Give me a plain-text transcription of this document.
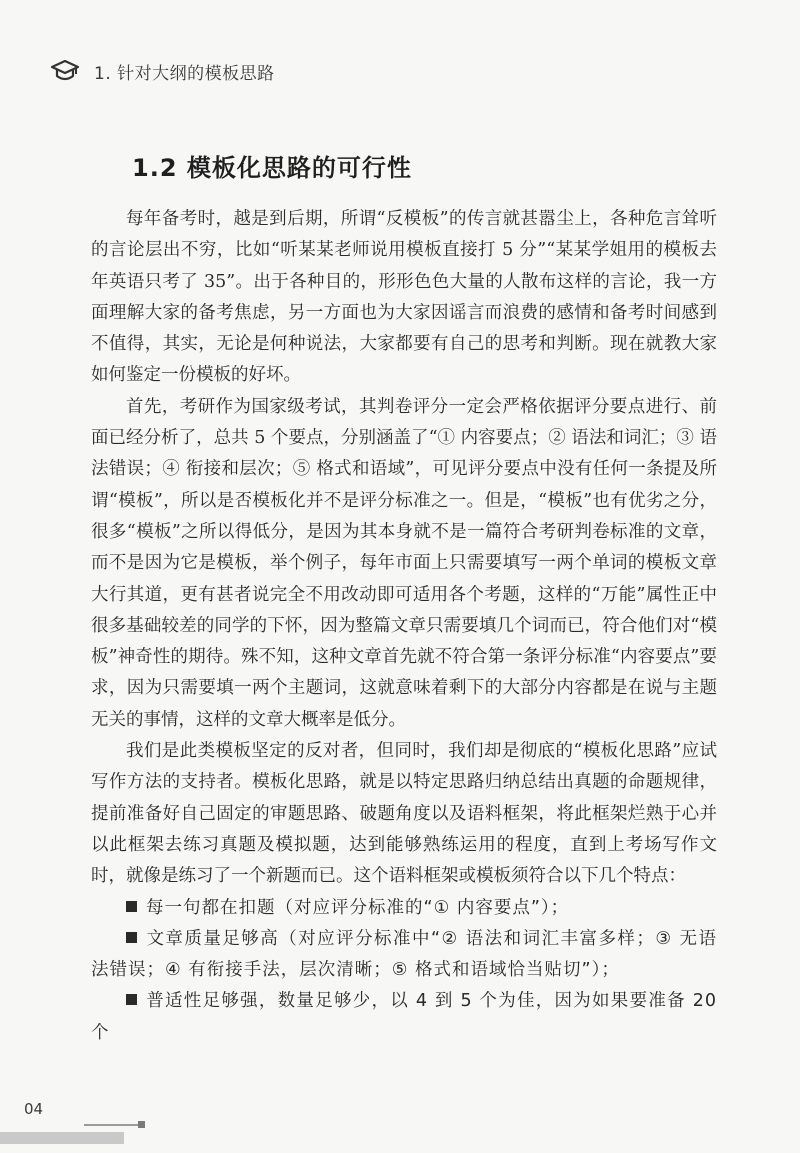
1. 针对大纲的模板思路
1.2 模板化思路的可行性

每年备考时，越是到后期，所谓“反模板”的传言就甚嚣尘上，各种危言耸听的言论层出不穷，比如“听某某老师说用模板直接打 5 分”“某某学姐用的模板去年英语只考了 35”。出于各种目的，形形色色大量的人散布这样的言论，我一方面理解大家的备考焦虑，另一方面也为大家因谣言而浪费的感情和备考时间感到不值得，其实，无论是何种说法，大家都要有自己的思考和判断。现在就教大家如何鉴定一份模板的好坏。

首先，考研作为国家级考试，其判卷评分一定会严格依据评分要点进行、前面已经分析了，总共 5 个要点，分别涵盖了“① 内容要点；② 语法和词汇；③ 语法错误；④ 衔接和层次；⑤ 格式和语域”，可见评分要点中没有任何一条提及所谓“模板”，所以是否模板化并不是评分标准之一。但是，“模板”也有优劣之分，很多“模板”之所以得低分，是因为其本身就不是一篇符合考研判卷标准的文章，而不是因为它是模板，举个例子，每年市面上只需要填写一两个单词的模板文章大行其道，更有甚者说完全不用改动即可适用各个考题，这样的“万能”属性正中很多基础较差的同学的下怀，因为整篇文章只需要填几个词而已，符合他们对“模板”神奇性的期待。殊不知，这种文章首先就不符合第一条评分标准“内容要点”要求，因为只需要填一两个主题词，这就意味着剩下的大部分内容都是在说与主题无关的事情，这样的文章大概率是低分。

我们是此类模板坚定的反对者，但同时，我们却是彻底的“模板化思路”应试写作方法的支持者。模板化思路，就是以特定思路归纳总结出真题的命题规律，提前准备好自己固定的审题思路、破题角度以及语料框架，将此框架烂熟于心并以此框架去练习真题及模拟题，达到能够熟练运用的程度，直到上考场写作文时，就像是练习了一个新题而已。这个语料框架或模板须符合以下几个特点：

每一句都在扣题（对应评分标准的“① 内容要点”）；

文章质量足够高（对应评分标准中“② 语法和词汇丰富多样；③ 无语法错误；④ 有衔接手法，层次清晰；⑤ 格式和语域恰当贴切”）；

普适性足够强，数量足够少，以 4 到 5 个为佳，因为如果要准备 20 个

04
